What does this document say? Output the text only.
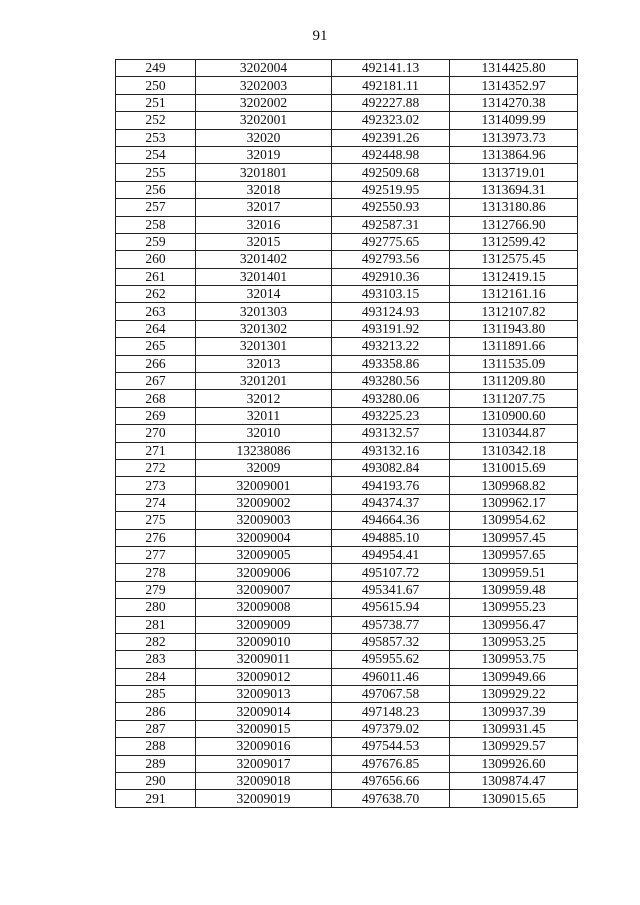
91
249	3202004	492141.13	1314425.80
250	3202003	492181.11	1314352.97
251	3202002	492227.88	1314270.38
252	3202001	492323.02	1314099.99
253	32020	492391.26	1313973.73
254	32019	492448.98	1313864.96
255	3201801	492509.68	1313719.01
256	32018	492519.95	1313694.31
257	32017	492550.93	1313180.86
258	32016	492587.31	1312766.90
259	32015	492775.65	1312599.42
260	3201402	492793.56	1312575.45
261	3201401	492910.36	1312419.15
262	32014	493103.15	1312161.16
263	3201303	493124.93	1312107.82
264	3201302	493191.92	1311943.80
265	3201301	493213.22	1311891.66
266	32013	493358.86	1311535.09
267	3201201	493280.56	1311209.80
268	32012	493280.06	1311207.75
269	32011	493225.23	1310900.60
270	32010	493132.57	1310344.87
271	13238086	493132.16	1310342.18
272	32009	493082.84	1310015.69
273	32009001	494193.76	1309968.82
274	32009002	494374.37	1309962.17
275	32009003	494664.36	1309954.62
276	32009004	494885.10	1309957.45
277	32009005	494954.41	1309957.65
278	32009006	495107.72	1309959.51
279	32009007	495341.67	1309959.48
280	32009008	495615.94	1309955.23
281	32009009	495738.77	1309956.47
282	32009010	495857.32	1309953.25
283	32009011	495955.62	1309953.75
284	32009012	496011.46	1309949.66
285	32009013	497067.58	1309929.22
286	32009014	497148.23	1309937.39
287	32009015	497379.02	1309931.45
288	32009016	497544.53	1309929.57
289	32009017	497676.85	1309926.60
290	32009018	497656.66	1309874.47
291	32009019	497638.70	1309015.65
